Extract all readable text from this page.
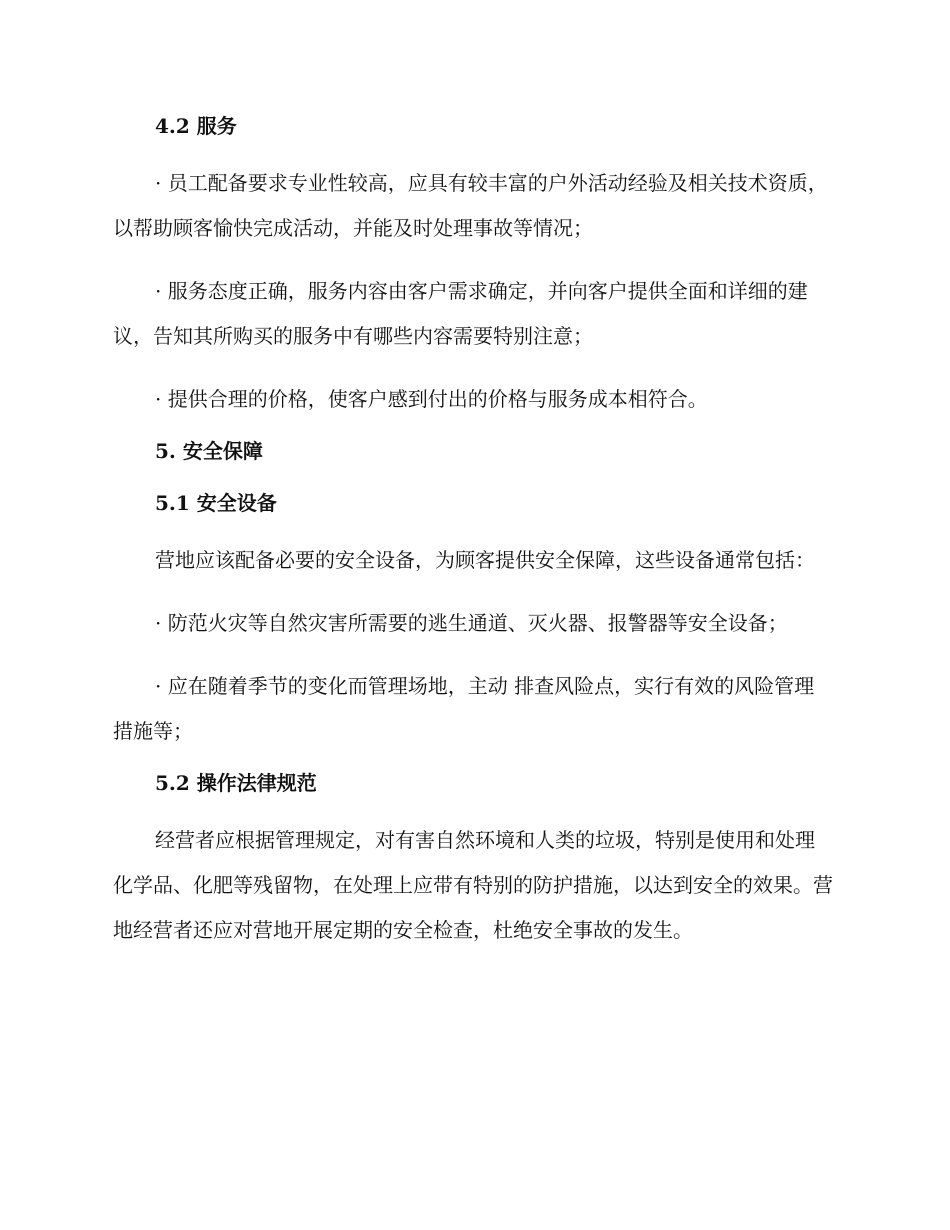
4.2 服务

· 员工配备要求专业性较高，应具有较丰富的户外活动经验及相关技术资质，以帮助顾客愉快完成活动，并能及时处理事故等情况；

· 服务态度正确，服务内容由客户需求确定，并向客户提供全面和详细的建议，告知其所购买的服务中有哪些内容需要特别注意；

· 提供合理的价格，使客户感到付出的价格与服务成本相符合。

5. 安全保障
5.1 安全设备

营地应该配备必要的安全设备，为顾客提供安全保障，这些设备通常包括：

· 防范火灾等自然灾害所需要的逃生通道、灭火器、报警器等安全设备；

· 应在随着季节的变化而管理场地，主动 排查风险点，实行有效的风险管理措施等；

5.2 操作法律规范

经营者应根据管理规定，对有害自然环境和人类的垃圾，特别是使用和处理化学品、化肥等残留物，在处理上应带有特别的防护措施，以达到安全的效果。营地经营者还应对营地开展定期的安全检查，杜绝安全事故的发生。
